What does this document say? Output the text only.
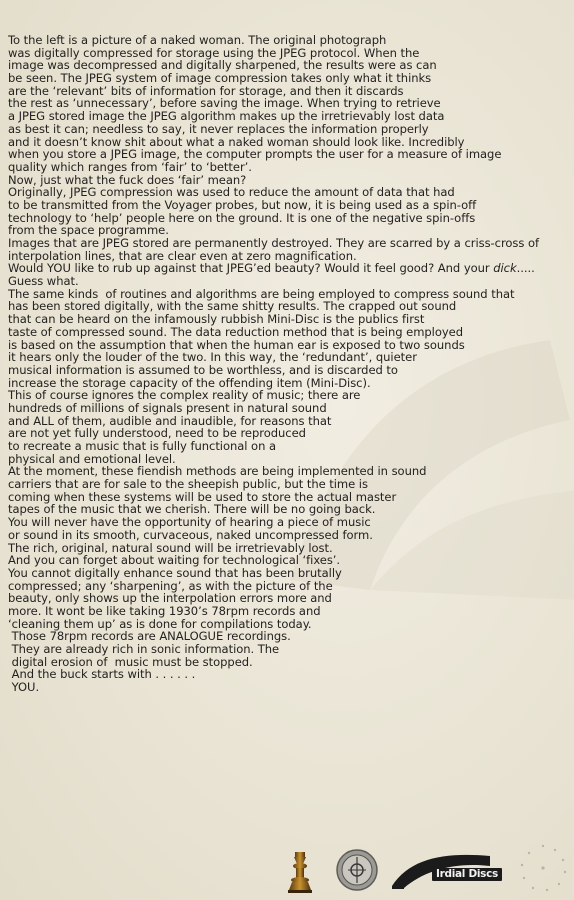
To the left is a picture of a naked woman. The original photograph
was digitally compressed for storage using the JPEG protocol. When the
image was decompressed and digitally sharpened, the results were as can
be seen. The JPEG system of image compression takes only what it thinks
are the ‘relevant’ bits of information for storage, and then it discards
the rest as ‘unnecessary’, before saving the image. When trying to retrieve
a JPEG stored image the JPEG algorithm makes up the irretrievably lost data
as best it can; needless to say, it never replaces the information properly
and it doesn’t know shit about what a naked woman should look like. Incredibly
when you store a JPEG image, the computer prompts the user for a measure of image
quality which ranges from ‘fair’ to ‘better’.
Now, just what the fuck does ‘fair’ mean?
Originally, JPEG compression was used to reduce the amount of data that had
to be transmitted from the Voyager probes, but now, it is being used as a spin-off
technology to ‘help’ people here on the ground. It is one of the negative spin-offs
from the space programme.
Images that are JPEG stored are permanently destroyed. They are scarred by a criss-cross of
interpolation lines, that are clear even at zero magnification.
Would YOU like to rub up against that JPEG’ed beauty? Would it feel good? And your dick.....
Guess what.
The same kinds  of routines and algorithms are being employed to compress sound that
has been stored digitally, with the same shitty results. The crapped out sound
that can be heard on the infamously rubbish Mini-Disc is the publics first
taste of compressed sound. The data reduction method that is being employed
is based on the assumption that when the human ear is exposed to two sounds
it hears only the louder of the two. In this way, the ‘redundant’, quieter
musical information is assumed to be worthless, and is discarded to
increase the storage capacity of the offending item (Mini-Disc).
This of course ignores the complex reality of music; there are
hundreds of millions of signals present in natural sound
and ALL of them, audible and inaudible, for reasons that
are not yet fully understood, need to be reproduced
to recreate a music that is fully functional on a
physical and emotional level.
At the moment, these fiendish methods are being implemented in sound
carriers that are for sale to the sheepish public, but the time is
coming when these systems will be used to store the actual master
tapes of the music that we cherish. There will be no going back.
You will never have the opportunity of hearing a piece of music
or sound in its smooth, curvaceous, naked uncompressed form.
The rich, original, natural sound will be irretrievably lost.
And you can forget about waiting for technological ‘fixes’.
You cannot digitally enhance sound that has been brutally
compressed; any ‘sharpening’, as with the picture of the
beauty, only shows up the interpolation errors more and
more. It wont be like taking 1930’s 78rpm records and
‘cleaning them up’ as is done for compilations today.
Those 78rpm records are ANALOGUE recordings.
They are already rich in sonic information. The
digital erosion of  music must be stopped.
And the buck starts with . . . . . .
YOU.
Irdial Discs
